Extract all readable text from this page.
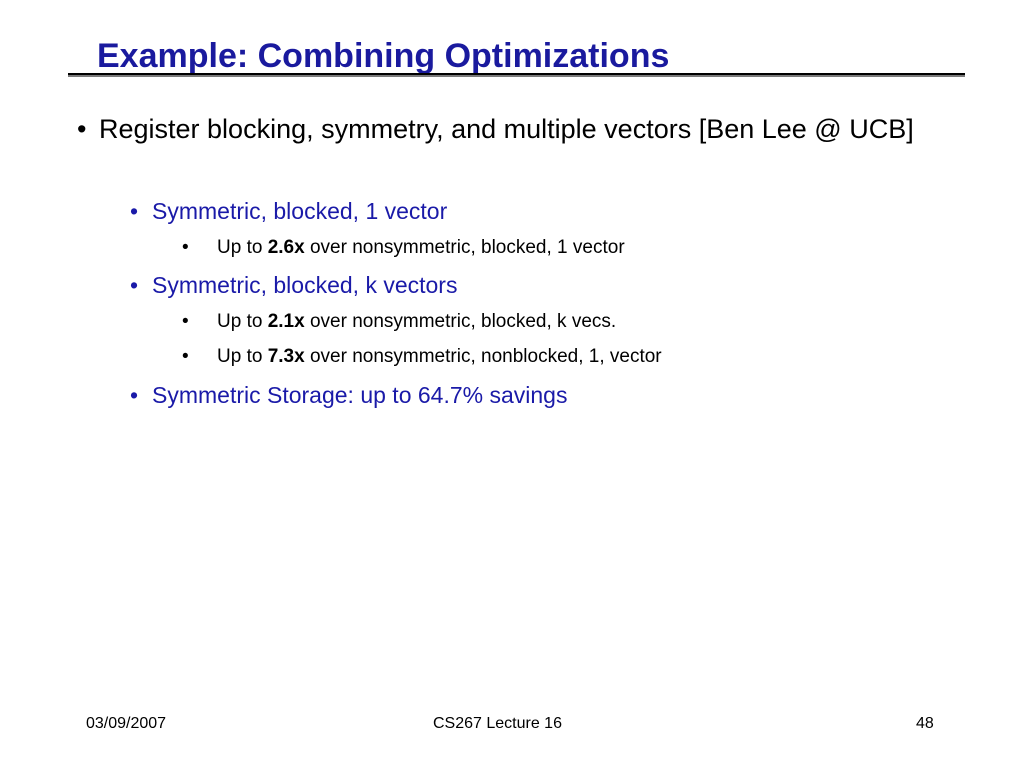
Example: Combining Optimizations
• Register blocking, symmetry, and multiple vectors [Ben Lee @ UCB]
• Symmetric, blocked, 1 vector
•	Up to 2.6x over nonsymmetric, blocked, 1 vector
• Symmetric, blocked, k vectors
•	Up to 2.1x over nonsymmetric, blocked, k vecs.
•	Up to 7.3x over nonsymmetric, nonblocked, 1, vector
• Symmetric Storage: up to 64.7% savings
03/09/2007	CS267 Lecture 16	48
